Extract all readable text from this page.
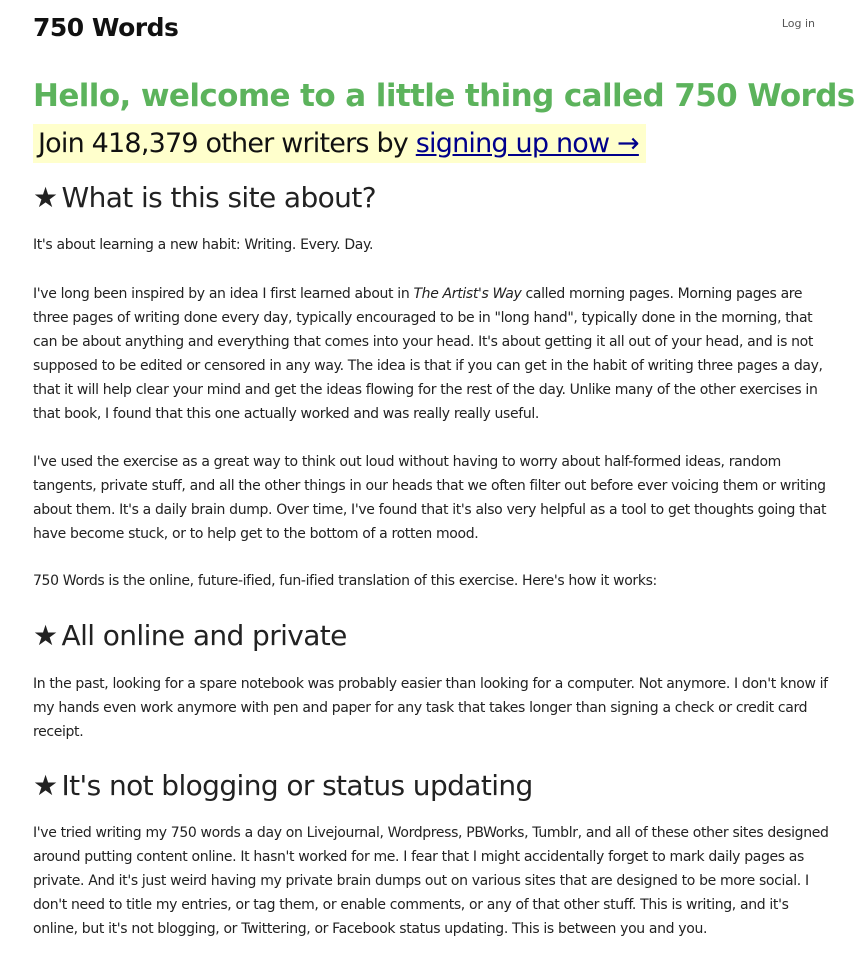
750 Words	Log in
Hello, welcome to a little thing called 750 Words
Join 418,379 other writers by signing up now →
★ What is this site about?

It's about learning a new habit: Writing. Every. Day.

I've long been inspired by an idea I first learned about in The Artist's Way called morning pages. Morning pages are three pages of writing done every day, typically encouraged to be in "long hand", typically done in the morning, that can be about anything and everything that comes into your head. It's about getting it all out of your head, and is not supposed to be edited or censored in any way. The idea is that if you can get in the habit of writing three pages a day, that it will help clear your mind and get the ideas flowing for the rest of the day. Unlike many of the other exercises in that book, I found that this one actually worked and was really really useful.

I've used the exercise as a great way to think out loud without having to worry about half-formed ideas, random tangents, private stuff, and all the other things in our heads that we often filter out before ever voicing them or writing about them. It's a daily brain dump. Over time, I've found that it's also very helpful as a tool to get thoughts going that have become stuck, or to help get to the bottom of a rotten mood.

750 Words is the online, future-ified, fun-ified translation of this exercise. Here's how it works:

★ All online and private

In the past, looking for a spare notebook was probably easier than looking for a computer. Not anymore. I don't know if my hands even work anymore with pen and paper for any task that takes longer than signing a check or credit card receipt.

★ It's not blogging or status updating

I've tried writing my 750 words a day on Livejournal, Wordpress, PBWorks, Tumblr, and all of these other sites designed around putting content online. It hasn't worked for me. I fear that I might accidentally forget to mark daily pages as private. And it's just weird having my private brain dumps out on various sites that are designed to be more social. I don't need to title my entries, or tag them, or enable comments, or any of that other stuff. This is writing, and it's online, but it's not blogging, or Twittering, or Facebook status updating. This is between you and you.
